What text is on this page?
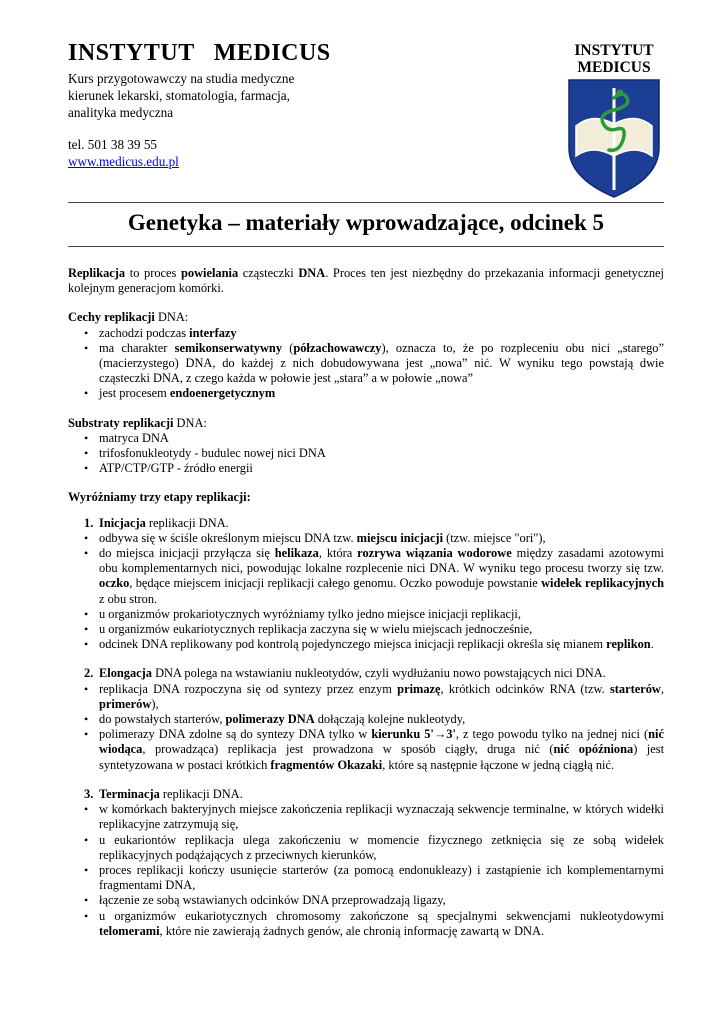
INSTYTUT   MEDICUS
Kurs przygotowawczy na studia medyczne
kierunek lekarski, stomatologia, farmacja,
analityka medyczna
tel. 501 38 39 55
www.medicus.edu.pl
INSTYTUT
MEDICUS
Genetyka – materiały wprowadzające, odcinek 5

Replikacja to proces powielania cząsteczki DNA. Proces ten jest niezbędny do przekazania informacji genetycznej kolejnym generacjom komórki.

Cechy replikacji DNA:

• zachodzi podczas interfazy
• ma charakter semikonserwatywny (półzachowawczy), oznacza to, że po rozpleceniu obu nici „starego” (macierzystego) DNA, do każdej z nich dobudowywana jest „nowa” nić. W wyniku tego powstają dwie cząsteczki DNA, z czego każda w połowie jest „stara” a w połowie „nowa”
• jest procesem endoenergetycznym

Substraty replikacji DNA:

• matryca DNA
• trifosfonukleotydy - budulec nowej nici DNA
• ATP/CTP/GTP - źródło energii

Wyróżniamy trzy etapy replikacji:

1. Inicjacja replikacji DNA.
• odbywa się w ściśle określonym miejscu DNA tzw. miejscu inicjacji (tzw. miejsce "ori"),
• do miejsca inicjacji przyłącza się helikaza, która rozrywa wiązania wodorowe między zasadami azotowymi obu komplementarnych nici, powodując lokalne rozplecenie nici DNA. W wyniku tego procesu tworzy się tzw. oczko, będące miejscem inicjacji replikacji całego genomu. Oczko powoduje powstanie widełek replikacyjnych z obu stron.
• u organizmów prokariotycznych wyróżniamy tylko jedno miejsce inicjacji replikacji,
• u organizmów eukariotycznych replikacja zaczyna się w wielu miejscach jednocześnie,
• odcinek DNA replikowany pod kontrolą pojedynczego miejsca inicjacji replikacji określa się mianem replikon.
2. Elongacja DNA polega na wstawianiu nukleotydów, czyli wydłużaniu nowo powstających nici DNA.
• replikacja DNA rozpoczyna się od syntezy przez enzym primazę, krótkich odcinków RNA (tzw. starterów, primerów),
• do powstałych starterów, polimerazy DNA dołączają kolejne nukleotydy,
• polimerazy DNA zdolne są do syntezy DNA tylko w kierunku 5'→3', z tego powodu tylko na jednej nici (nić wiodąca, prowadząca) replikacja jest prowadzona w sposób ciągły, druga nić (nić opóźniona) jest syntetyzowana w postaci krótkich fragmentów Okazaki, które są następnie łączone w jedną ciągłą nić.
3. Terminacja replikacji DNA.
• w komórkach bakteryjnych miejsce zakończenia replikacji wyznaczają sekwencje terminalne, w których widełki replikacyjne zatrzymują się,
• u eukariontów replikacja ulega zakończeniu w momencie fizycznego zetknięcia się ze sobą widełek replikacyjnych podążających z przeciwnych kierunków,
• proces replikacji kończy usunięcie starterów (za pomocą endonukleazy) i zastąpienie ich komplementarnymi fragmentami DNA,
• łączenie ze sobą wstawianych odcinków DNA przeprowadzają ligazy,
• u organizmów eukariotycznych chromosomy zakończone są specjalnymi sekwencjami nukleotydowymi telomerami, które nie zawierają żadnych genów, ale chronią informację zawartą w DNA.
